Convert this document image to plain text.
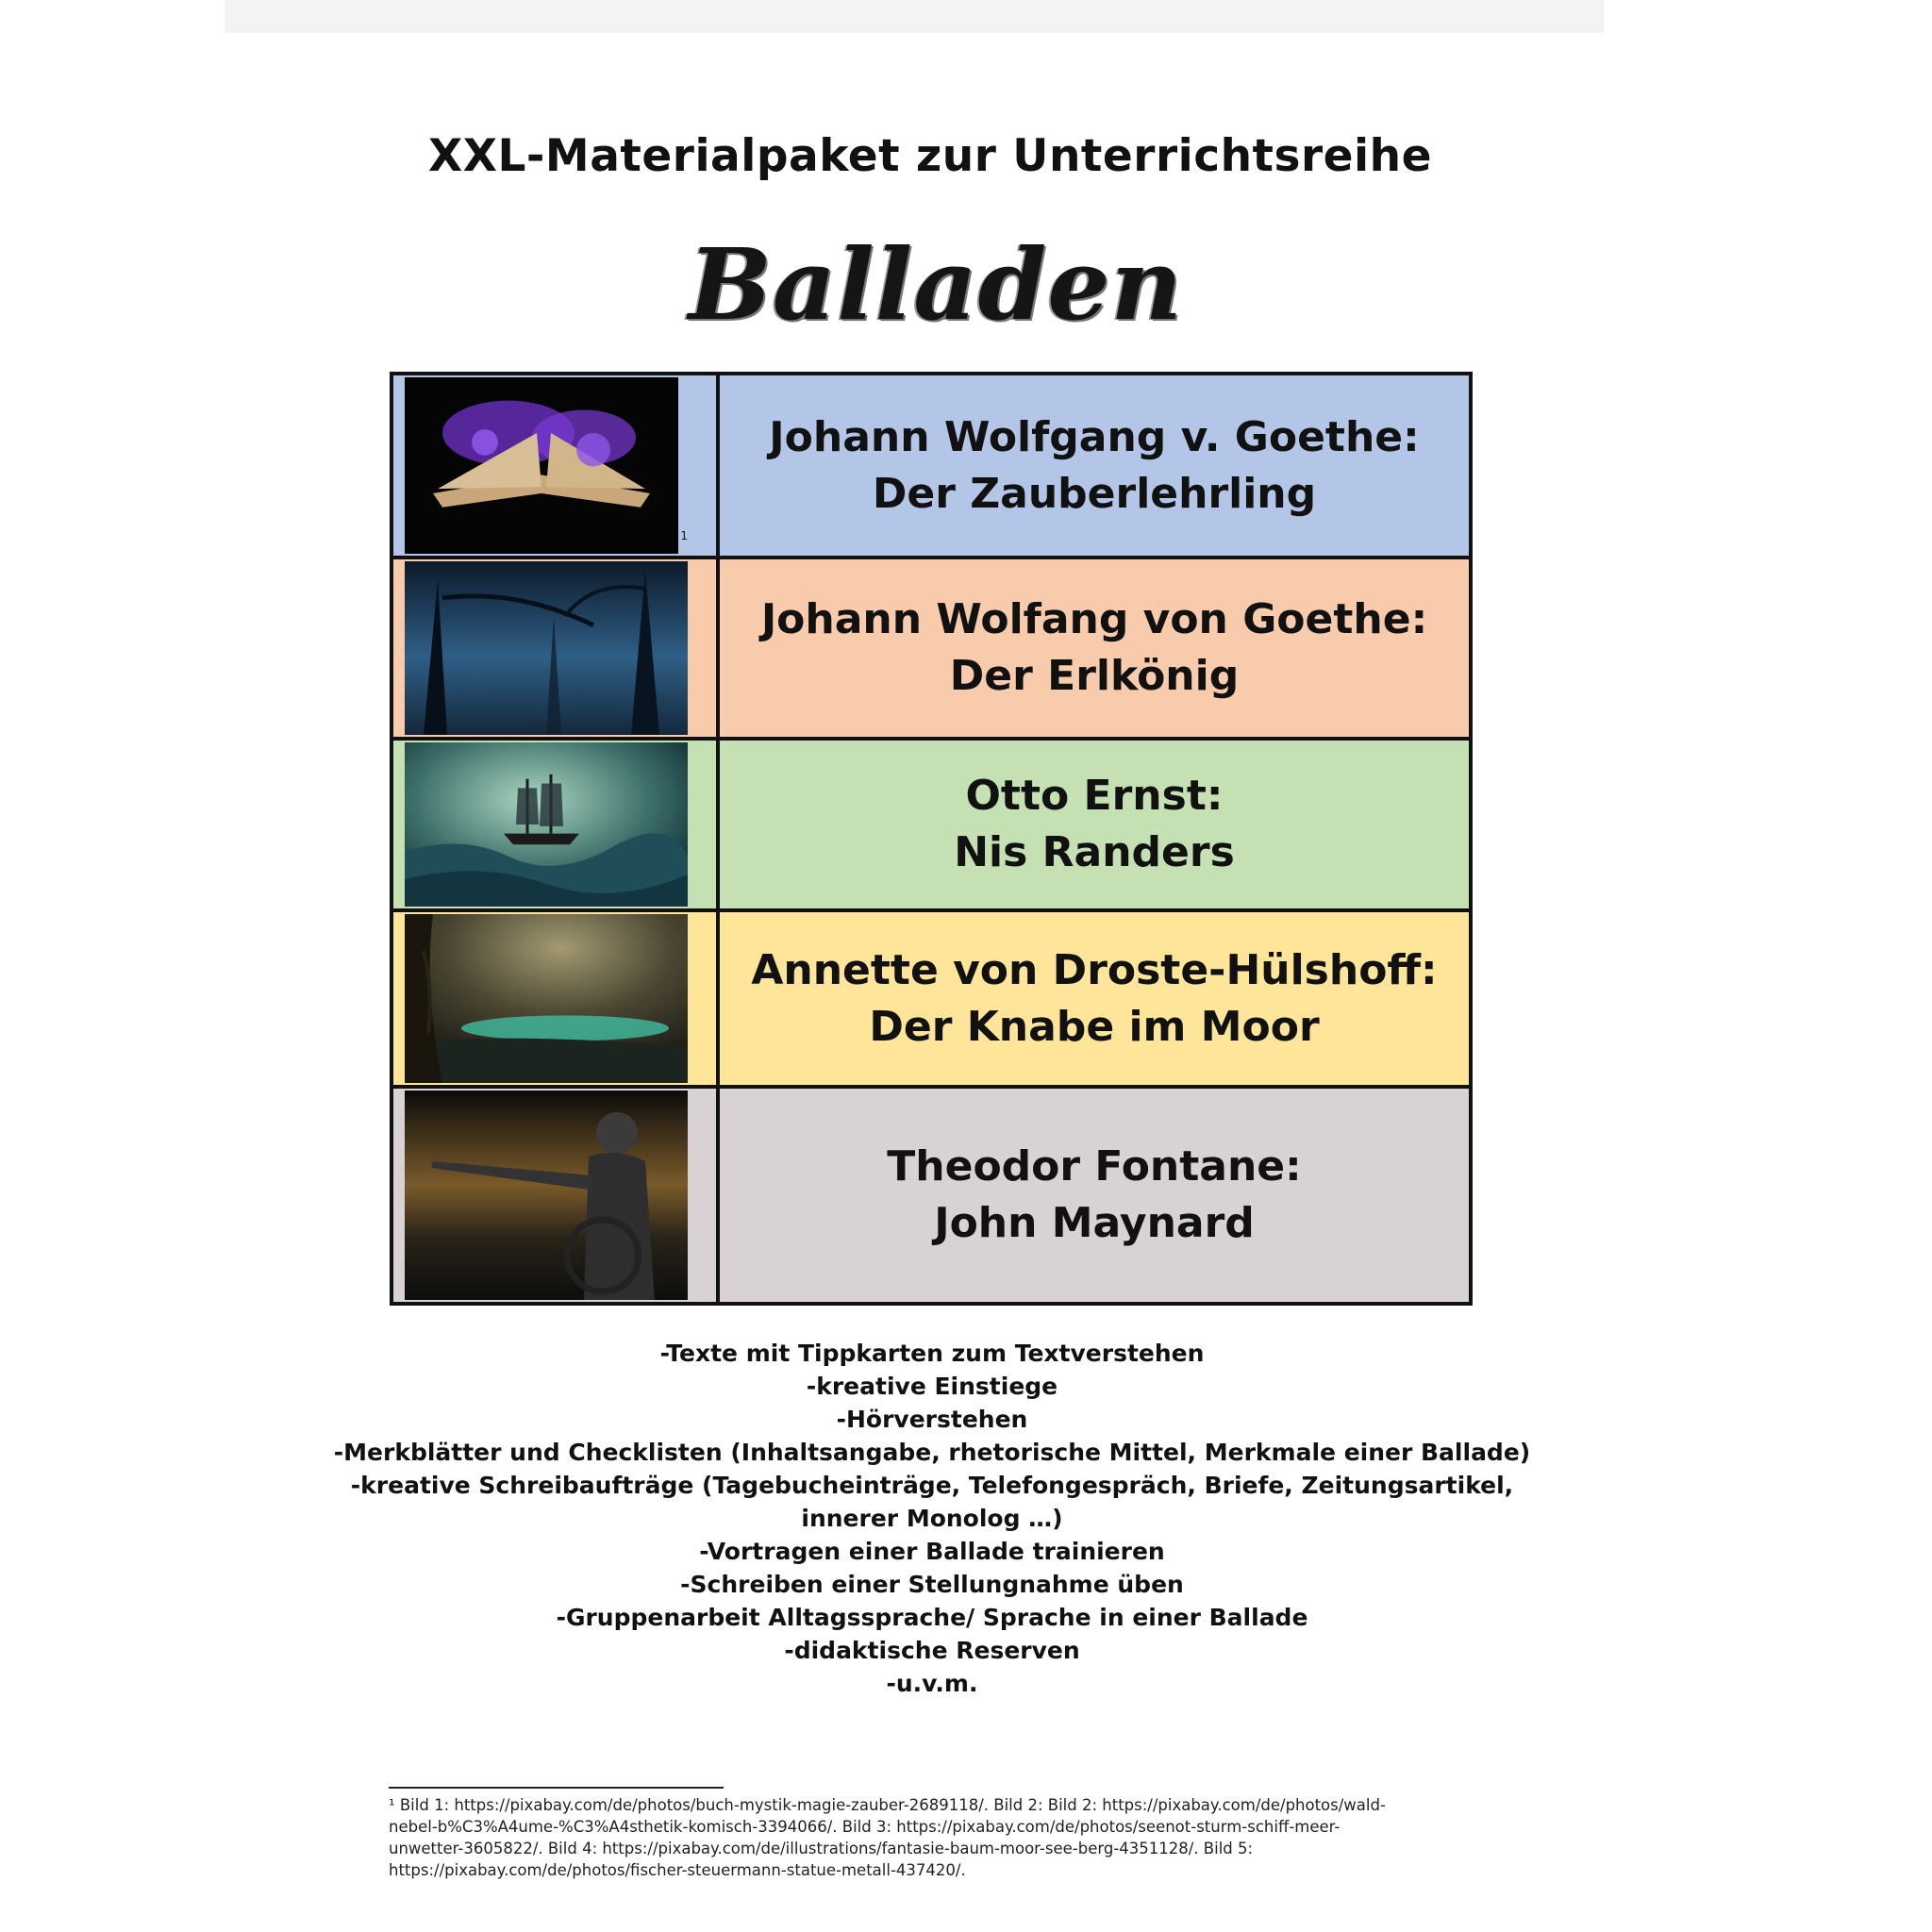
XXL-Materialpaket zur Unterrichtsreihe
Balladen
1
Johann Wolfgang v. Goethe:
Der Zauberlehrling
Johann Wolfang von Goethe:
Der Erlkönig
Otto Ernst:
Nis Randers
Annette von Droste-Hülshoff:
Der Knabe im Moor
Theodor Fontane:
John Maynard
-Texte mit Tippkarten zum Textverstehen
-kreative Einstiege
-Hörverstehen
-Merkblätter und Checklisten (Inhaltsangabe, rhetorische Mittel, Merkmale einer Ballade)
-kreative Schreibaufträge (Tagebucheinträge, Telefongespräch, Briefe, Zeitungsartikel,
innerer Monolog …)
-Vortragen einer Ballade trainieren
-Schreiben einer Stellungnahme üben
-Gruppenarbeit Alltagssprache/ Sprache in einer Ballade
-didaktische Reserven
-u.v.m.
¹ Bild 1: https://pixabay.com/de/photos/buch-mystik-magie-zauber-2689118/. Bild 2: Bild 2: https://pixabay.com/de/photos/wald-
nebel-b%C3%A4ume-%C3%A4sthetik-komisch-3394066/. Bild 3: https://pixabay.com/de/photos/seenot-sturm-schiff-meer-
unwetter-3605822/. Bild 4: https://pixabay.com/de/illustrations/fantasie-baum-moor-see-berg-4351128/. Bild 5:
https://pixabay.com/de/photos/fischer-steuermann-statue-metall-437420/.
